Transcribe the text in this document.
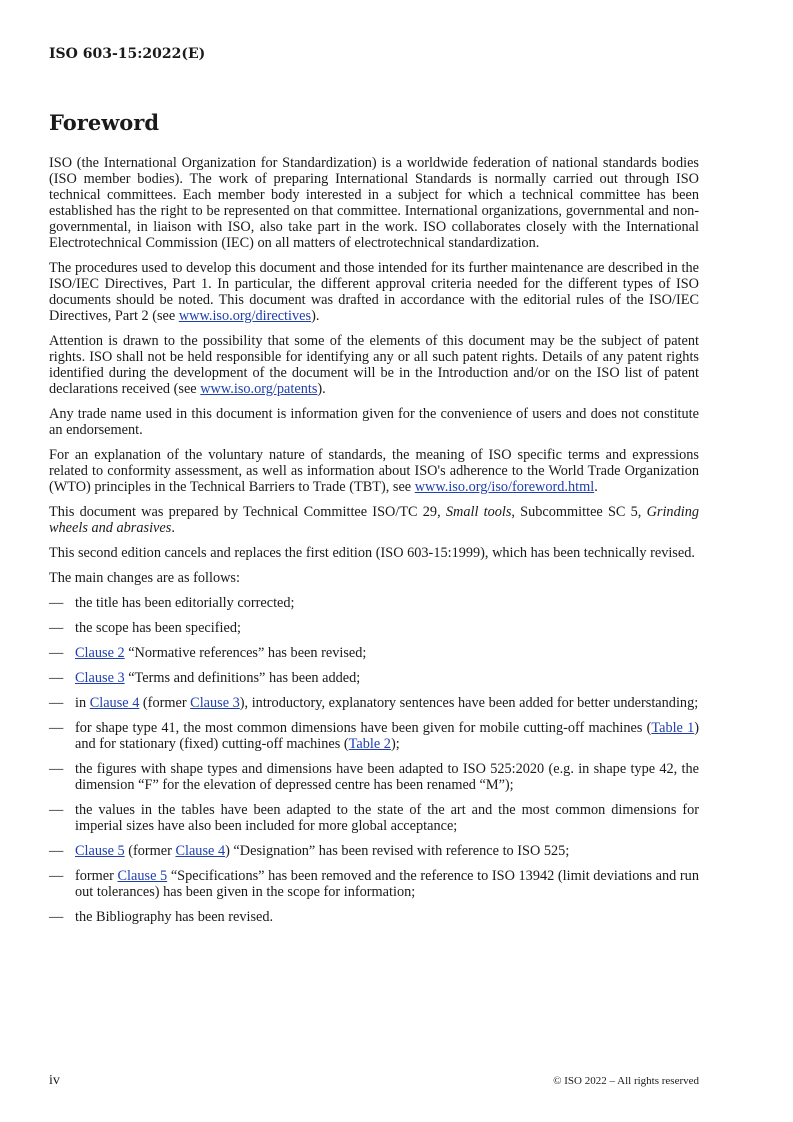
ISO 603-15:2022(E)
Foreword

ISO (the International Organization for Standardization) is a worldwide federation of national standards bodies (ISO member bodies). The work of preparing International Standards is normally carried out through ISO technical committees. Each member body interested in a subject for which a technical committee has been established has the right to be represented on that committee. International organizations, governmental and non-governmental, in liaison with ISO, also take part in the work. ISO collaborates closely with the International Electrotechnical Commission (IEC) on all matters of electrotechnical standardization.

The procedures used to develop this document and those intended for its further maintenance are described in the ISO/IEC Directives, Part 1. In particular, the different approval criteria needed for the different types of ISO documents should be noted. This document was drafted in accordance with the editorial rules of the ISO/IEC Directives, Part 2 (see www.iso.org/directives).

Attention is drawn to the possibility that some of the elements of this document may be the subject of patent rights. ISO shall not be held responsible for identifying any or all such patent rights. Details of any patent rights identified during the development of the document will be in the Introduction and/or on the ISO list of patent declarations received (see www.iso.org/patents).

Any trade name used in this document is information given for the convenience of users and does not constitute an endorsement.

For an explanation of the voluntary nature of standards, the meaning of ISO specific terms and expressions related to conformity assessment, as well as information about ISO's adherence to the World Trade Organization (WTO) principles in the Technical Barriers to Trade (TBT), see www.iso.org/iso/foreword.html.

This document was prepared by Technical Committee ISO/TC 29, Small tools, Subcommittee SC 5, Grinding wheels and abrasives.

This second edition cancels and replaces the first edition (ISO 603-15:1999), which has been technically revised.

The main changes are as follows:

— the title has been editorially corrected;
— the scope has been specified;
— Clause 2 “Normative references” has been revised;
— Clause 3 “Terms and definitions” has been added;
— in Clause 4 (former Clause 3), introductory, explanatory sentences have been added for better understanding;
— for shape type 41, the most common dimensions have been given for mobile cutting-off machines (Table 1) and for stationary (fixed) cutting-off machines (Table 2);
— the figures with shape types and dimensions have been adapted to ISO 525:2020 (e.g. in shape type 42, the dimension “F” for the elevation of depressed centre has been renamed “M”);
— the values in the tables have been adapted to the state of the art and the most common dimensions for imperial sizes have also been included for more global acceptance;
— Clause 5 (former Clause 4) “Designation” has been revised with reference to ISO 525;
— former Clause 5 “Specifications” has been removed and the reference to ISO 13942 (limit deviations and run out tolerances) has been given in the scope for information;
— the Bibliography has been revised.
iv	© ISO 2022 – All rights reserved
